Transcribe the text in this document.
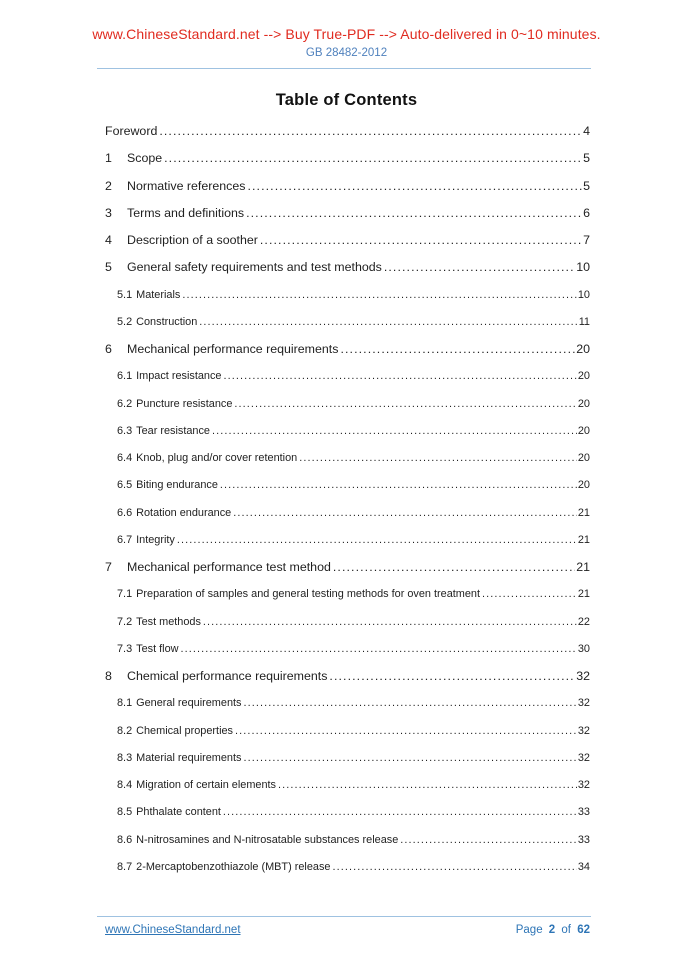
www.ChineseStandard.net --> Buy True-PDF --> Auto-delivered in 0~10 minutes.
GB 28482-2012
Table of Contents
Foreword .....	4
1	Scope .....	5
2	Normative references .....	5
3	Terms and definitions .....	6
4	Description of a soother .....	7
5	General safety requirements and test methods .....	10
5.1 Materials .....	10
5.2 Construction .....	11
6	Mechanical performance requirements .....	20
6.1 Impact resistance .....	20
6.2 Puncture resistance .....	20
6.3 Tear resistance .....	20
6.4 Knob, plug and/or cover retention .....	20
6.5 Biting endurance .....	20
6.6 Rotation endurance .....	21
6.7 Integrity .....	21
7	Mechanical performance test method .....	21
7.1 Preparation of samples and general testing methods for oven treatment .....	21
7.2 Test methods .....	22
7.3 Test flow .....	30
8	Chemical performance requirements .....	32
8.1 General requirements .....	32
8.2 Chemical properties .....	32
8.3 Material requirements .....	32
8.4 Migration of certain elements .....	32
8.5 Phthalate content .....	33
8.6 N-nitrosamines and N-nitrosatable substances release .....	33
8.7 2-Mercaptobenzothiazole (MBT) release .....	34
www.ChineseStandard.net	Page 2 of 62
